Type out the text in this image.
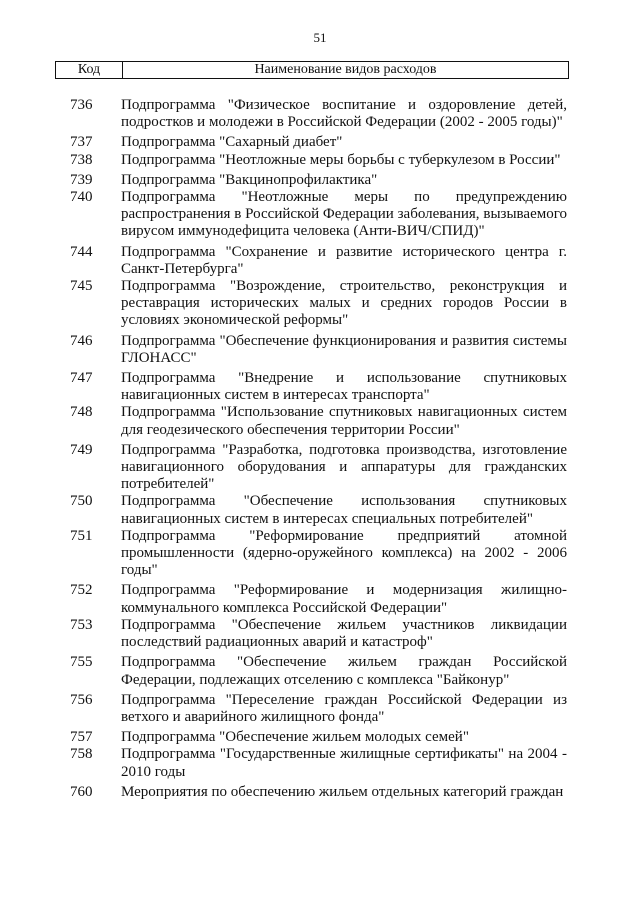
51
Код	Наименование видов расходов
736	Подпрограмма "Физическое воспитание и оздоровление детей, подростков и молодежи в Российской Федерации (2002 - 2005 годы)"
737	Подпрограмма "Сахарный диабет"
738	Подпрограмма "Неотложные меры борьбы с туберкулезом в России"
739	Подпрограмма "Вакцинопрофилактика"
740	Подпрограмма "Неотложные меры по предупреждению распространения в Российской Федерации заболевания, вызываемого вирусом иммунодефицита человека (Анти-ВИЧ/СПИД)"
744	Подпрограмма "Сохранение и развитие исторического центра г. Санкт-Петербурга"
745	Подпрограмма "Возрождение, строительство, реконструкция и реставрация исторических малых и средних городов России в условиях экономической реформы"
746	Подпрограмма "Обеспечение функционирования и развития системы ГЛОНАСС"
747	Подпрограмма "Внедрение и использование спутниковых навигационных систем в интересах транспорта"
748	Подпрограмма "Использование спутниковых навигационных систем для геодезического обеспечения территории России"
749	Подпрограмма "Разработка, подготовка производства, изготовление навигационного оборудования и аппаратуры для гражданских потребителей"
750	Подпрограмма "Обеспечение использования спутниковых навигационных систем в интересах специальных потребителей"
751	Подпрограмма "Реформирование предприятий атомной промышленности (ядерно-оружейного комплекса) на 2002 - 2006 годы"
752	Подпрограмма "Реформирование и модернизация жилищно-коммунального комплекса Российской Федерации"
753	Подпрограмма "Обеспечение жильем участников ликвидации последствий радиационных аварий и катастроф"
755	Подпрограмма "Обеспечение жильем граждан Российской Федерации, подлежащих отселению с комплекса "Байконур"
756	Подпрограмма "Переселение граждан Российской Федерации из ветхого и аварийного жилищного фонда"
757	Подпрограмма "Обеспечение жильем молодых семей"
758	Подпрограмма "Государственные жилищные сертификаты" на 2004 - 2010 годы
760	Мероприятия по обеспечению жильем отдельных категорий граждан
